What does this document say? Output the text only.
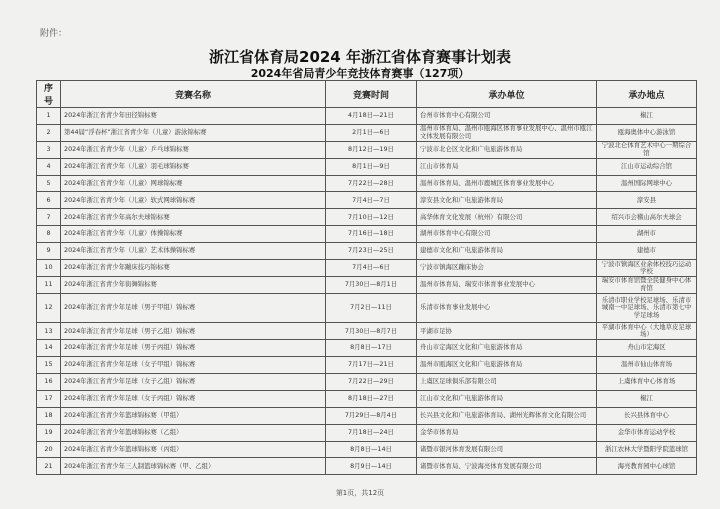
附件：
浙江省体育局2024 年浙江省体育赛事计划表
2024年省局青少年竞技体育赛事（127项）
序号	竞赛名称	竞赛时间	承办单位	承办地点
1	2024年浙江省青少年田径锦标赛	4月18日—21日	台州市体育中心有限公司	椒江
2	第44届“浮春杯”浙江省青少年（儿童）游泳锦标赛	2月1日—6日	温州市体育局、温州市瓯海区体育事业发展中心、温州市瓯江文体发展有限公司	瓯海奥体中心游泳馆
3	2024年浙江省青少年（儿童）乒乓球锦标赛	8月12日—19日	宁波市北仑区文化和广电旅游体育局	宁波北仑体育艺术中心一期综合馆
4	2024年浙江省青少年（儿童）羽毛球锦标赛	8月1日—9日	江山市体育局	江山市运动综合馆
5	2024年浙江省青少年（儿童）网球锦标赛	7月22日—28日	温州市体育局、温州市鹿城区体育事业发展中心	温州国际网球中心
6	2024年浙江省青少年（儿童）软式网球锦标赛	7月4日—7日	淳安县文化和广电旅游体育局	淳安县
7	2024年浙江省青少年高尔夫球锦标赛	7月10日—12日	高华体育文化发展（杭州）有限公司	绍兴市会稽山高尔夫球会
8	2024年浙江省青少年（儿童）体操锦标赛	7月16日—18日	湖州市体育中心有限公司	湖州市
9	2024年浙江省青少年（儿童）艺术体操锦标赛	7月23日—25日	建德市文化和广电旅游体育局	建德市
10	2024年浙江省青少年蹦床技巧锦标赛	7月4日—6日	宁波市镇海区蹦床协会	宁波市镇海区业余体校技巧运动学校
11	2024年浙江省青少年街舞锦标赛	7月30日—8月1日	温州市体育局、瑞安市体育事业发展中心	瑞安市体育馆暨全民健身中心体育馆
12	2024年浙江省青少年足球（男子甲组）锦标赛	7月2日—11日	乐清市体育事业发展中心	乐清市职业学校足球场、乐清市城南一中足球场、乐清市第七中学足球场
13	2024年浙江省青少年足球（男子乙组）锦标赛	7月30日—8月7日	平湖市足协	平湖市体育中心（大地草皮足球场）
14	2024年浙江省青少年足球（男子丙组）锦标赛	8月8日—17日	舟山市定海区文化和广电旅游体育局	舟山市定海区
15	2024年浙江省青少年足球（女子甲组）锦标赛	7月17日—21日	温州市瓯海区文化和广电旅游体育局	温州市仙山体育场
16	2024年浙江省青少年足球（女子乙组）锦标赛	7月22日—29日	上虞区足球俱乐部有限公司	上虞体育中心体育场
17	2024年浙江省青少年足球（女子丙组）锦标赛	8月18日—27日	江山市文化和广电旅游体育局	椒江
18	2024年浙江省青少年篮球锦标赛（甲组）	7月29日—8月4日	长兴县文化和广电旅游体育局、湖州光辉体育文化有限公司	长兴县体育中心
19	2024年浙江省青少年篮球锦标赛（乙组）	7月18日—24日	金华市体育局	金华市体育运动学校
20	2024年浙江省青少年篮球锦标赛（丙组）	8月8日—14日	诸暨市银河体育发展有限公司	浙江农林大学暨阳学院篮球馆
21	2024年浙江省青少年三人制篮球锦标赛（甲、乙组）	8月9日—14日	诸暨市体育局、宁波海亮体育发展有限公司	海亮教育园中心球馆
第1页，共12页
